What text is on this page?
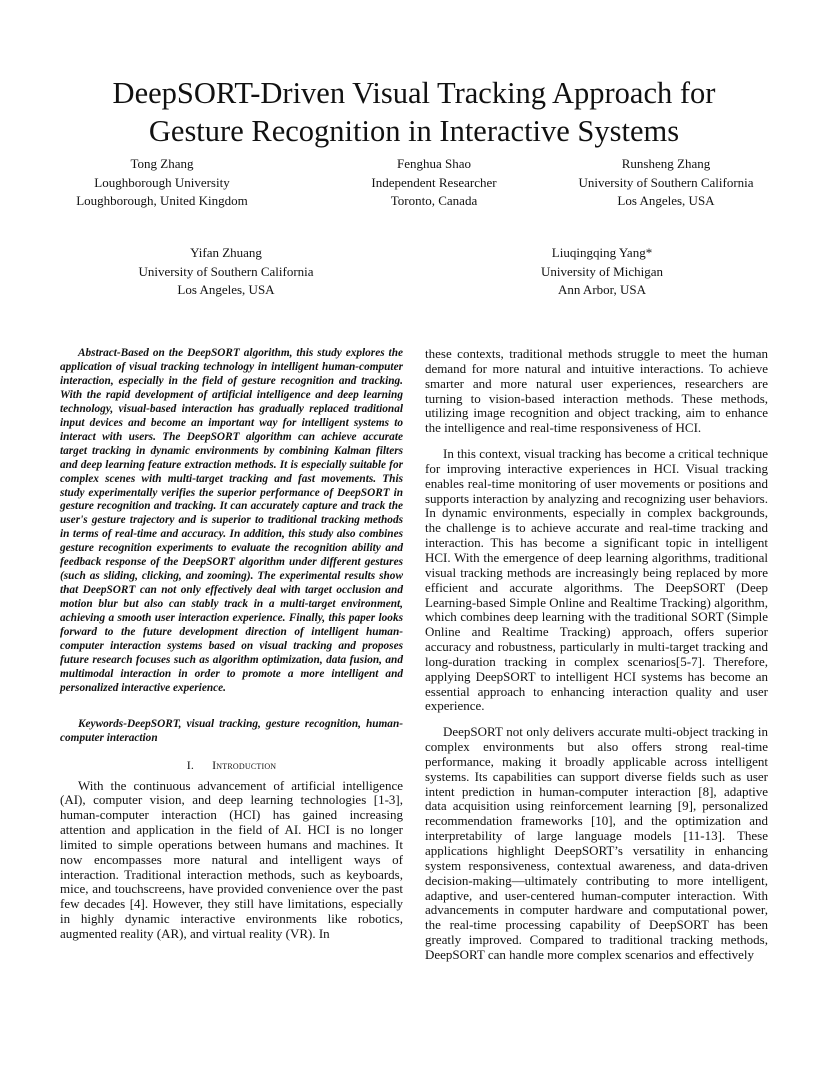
DeepSORT-Driven Visual Tracking Approach for
Gesture Recognition in Interactive Systems
Tong Zhang
Loughborough University
Loughborough, United Kingdom
Fenghua Shao
Independent Researcher
Toronto, Canada
Runsheng Zhang
University of Southern California
Los Angeles, USA
Yifan Zhuang
University of Southern California
Los Angeles, USA
Liuqingqing Yang*
University of Michigan
Ann Arbor, USA

Abstract-Based on the DeepSORT algorithm, this study explores the application of visual tracking technology in intelligent human-computer interaction, especially in the field of gesture recognition and tracking. With the rapid development of artificial intelligence and deep learning technology, visual-based interaction has gradually replaced traditional input devices and become an important way for intelligent systems to interact with users. The DeepSORT algorithm can achieve accurate target tracking in dynamic environments by combining Kalman filters and deep learning feature extraction methods. It is especially suitable for complex scenes with multi-target tracking and fast movements. This study experimentally verifies the superior performance of DeepSORT in gesture recognition and tracking. It can accurately capture and track the user's gesture trajectory and is superior to traditional tracking methods in terms of real-time and accuracy. In addition, this study also combines gesture recognition experiments to evaluate the recognition ability and feedback response of the DeepSORT algorithm under different gestures (such as sliding, clicking, and zooming). The experimental results show that DeepSORT can not only effectively deal with target occlusion and motion blur but also can stably track in a multi-target environment, achieving a smooth user interaction experience. Finally, this paper looks forward to the future development direction of intelligent human-computer interaction systems based on visual tracking and proposes future research focuses such as algorithm optimization, data fusion, and multimodal interaction in order to promote a more intelligent and personalized interactive experience.

Keywords-DeepSORT, visual tracking, gesture recognition, human-computer interaction

I. Introduction

With the continuous advancement of artificial intelligence (AI), computer vision, and deep learning technologies [1-3], human-computer interaction (HCI) has gained increasing attention and application in the field of AI. HCI is no longer limited to simple operations between humans and machines. It now encompasses more natural and intelligent ways of interaction. Traditional interaction methods, such as keyboards, mice, and touchscreens, have provided convenience over the past few decades [4]. However, they still have limitations, especially in highly dynamic interactive environments like robotics, augmented reality (AR), and virtual reality (VR). In

these contexts, traditional methods struggle to meet the human demand for more natural and intuitive interactions. To achieve smarter and more natural user experiences, researchers are turning to vision-based interaction methods. These methods, utilizing image recognition and object tracking, aim to enhance the intelligence and real-time responsiveness of HCI.

In this context, visual tracking has become a critical technique for improving interactive experiences in HCI. Visual tracking enables real-time monitoring of user movements or positions and supports interaction by analyzing and recognizing user behaviors. In dynamic environments, especially in complex backgrounds, the challenge is to achieve accurate and real-time tracking and interaction. This has become a significant topic in intelligent HCI. With the emergence of deep learning algorithms, traditional visual tracking methods are increasingly being replaced by more efficient and accurate algorithms. The DeepSORT (Deep Learning-based Simple Online and Realtime Tracking) algorithm, which combines deep learning with the traditional SORT (Simple Online and Realtime Tracking) approach, offers superior accuracy and robustness, particularly in multi-target tracking and long-duration tracking in complex scenarios[5-7]. Therefore, applying DeepSORT to intelligent HCI systems has become an essential approach to enhancing interaction quality and user experience.

DeepSORT not only delivers accurate multi-object tracking in complex environments but also offers strong real-time performance, making it broadly applicable across intelligent systems. Its capabilities can support diverse fields such as user intent prediction in human-computer interaction [8], adaptive data acquisition using reinforcement learning [9], personalized recommendation frameworks [10], and the optimization and interpretability of large language models [11-13]. These applications highlight DeepSORT’s versatility in enhancing system responsiveness, contextual awareness, and data-driven decision-making—ultimately contributing to more intelligent, adaptive, and user-centered human-computer interaction. With advancements in computer hardware and computational power, the real-time processing capability of DeepSORT has been greatly improved. Compared to traditional tracking methods, DeepSORT can handle more complex scenarios and effectively
